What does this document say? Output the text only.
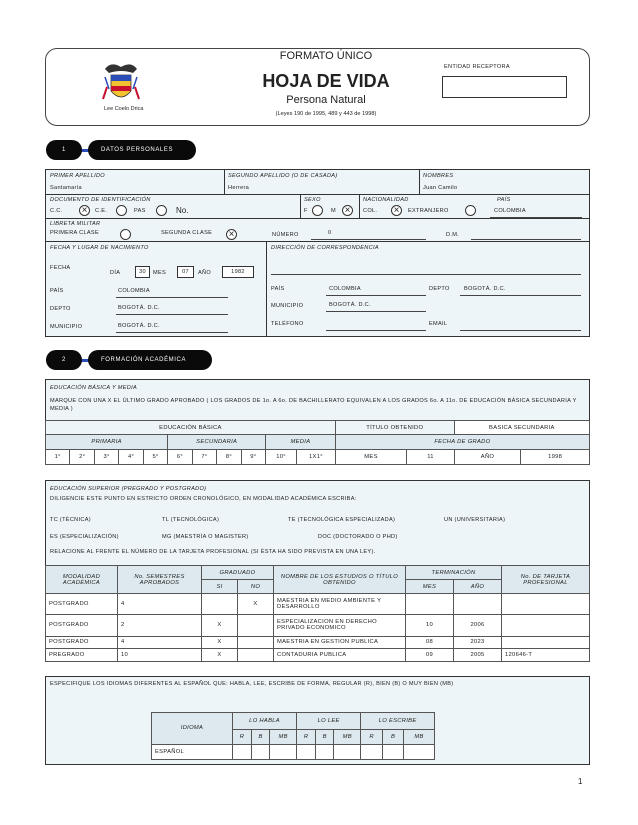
Lee Coelo Drica
FORMATO ÚNICO
HOJA DE VIDA
Persona Natural
(Leyes 190 de 1995, 489 y 443 de 1998)
ENTIDAD RECEPTORA
1	DATOS PERSONALES
PRIMER APELLIDO
Santamaría
SEGUNDO APELLIDO (O DE CASADA)
Herrera
NOMBRES
Juan Camilo
DOCUMENTO DE IDENTIFICACIÓN
C.C. ×	C.E.	PAS	No.
SEXO
F	M ×
NACIONALIDAD
COL. ×	EXTRANJERO
PAÍS
COLOMBIA
LIBRETA MILITAR
PRIMERA CLASE	SEGUNDA CLASE ×	NÚMERO	0	D.M.
FECHA Y LUGAR DE NACIMIENTO
FECHA
DÍA	30	MES	07	AÑO	1982
PAÍS	COLOMBIA
DEPTO	BOGOTÁ. D.C.
MUNICIPIO	BOGOTÁ. D.C.
DIRECCIÓN DE CORRESPONDENCIA
PAÍS	COLOMBIA	DEPTO	BOGOTÁ. D.C.
MUNICIPIO	BOGOTÁ. D.C.
TELÉFONO	EMAIL
2	FORMACIÓN ACADÉMICA
EDUCACIÓN BÁSICA Y MEDIA
MARQUE CON UNA X EL ÚLTIMO GRADO APROBADO ( LOS GRADOS DE 1o. A 6o. DE BACHILLERATO EQUIVALEN A LOS GRADOS 6o. A 11o. DE EDUCACIÓN BÁSICA SECUNDARIA Y MEDIA )
EDUCACIÓN BÁSICA											TÍTULO OBTENIDO		BASICA SECUNDARIA	
PRIMARIA					SECUNDARIA				MEDIA		FECHA DE GRADO			
1°	2°	3°	4°	5°	6°	7°	8°	9°	10°	1X1°	MES	11	AÑO	1998
EDUCACIÓN SUPERIOR (PREGRADO Y POSTGRADO)
DILIGENCIE ESTE PUNTO EN ESTRICTO ORDEN CRONOLÓGICO, EN MODALIDAD ACADÉMICA ESCRIBA:
TC (TÉCNICA)	TL (TECNOLÓGICA)	TE (TECNOLÓGICA ESPECIALIZADA)	UN (UNIVERSITARIA)
ES (ESPECIALIZACIÓN)	MG (MAESTRÍA O MAGISTER)	DOC (DOCTORADO O PHD)
RELACIONE AL FRENTE EL NÚMERO DE LA TARJETA PROFESIONAL (SI ÉSTA HA SIDO PREVISTA EN UNA LEY).
MODALIDAD ACADÉMICA	No. SEMESTRES APROBADOS	GRADUADO		NOMBRE DE LOS ESTUDIOS O TÍTULO OBTENIDO	TERMINACIÓN		No. DE TARJETA PROFESIONAL
		SI	NO		MES	AÑO	
POSTGRADO	4		X	MAESTRIA EN MEDIO AMBIENTE Y DESARROLLO			
POSTGRADO	2	X		ESPECIALIZACION EN DERECHO PRIVADO ECONOMICO	10	2006	
POSTGRADO	4	X		MAESTRIA EN GESTION PUBLICA	08	2023	
PREGRADO	10	X		CONTADURIA PUBLICA	09	2005	120646-T
ESPECIFIQUE LOS IDIOMAS DIFERENTES AL ESPAÑOL QUE: HABLA, LEE, ESCRIBE DE FORMA, REGULAR (R), BIEN (B) O MUY BIEN (MB)
IDIOMA	LO HABLA			LO LEE			LO ESCRIBE		
	R	B	MB	R	B	MB	R	B	MB
ESPAÑOL									
1
